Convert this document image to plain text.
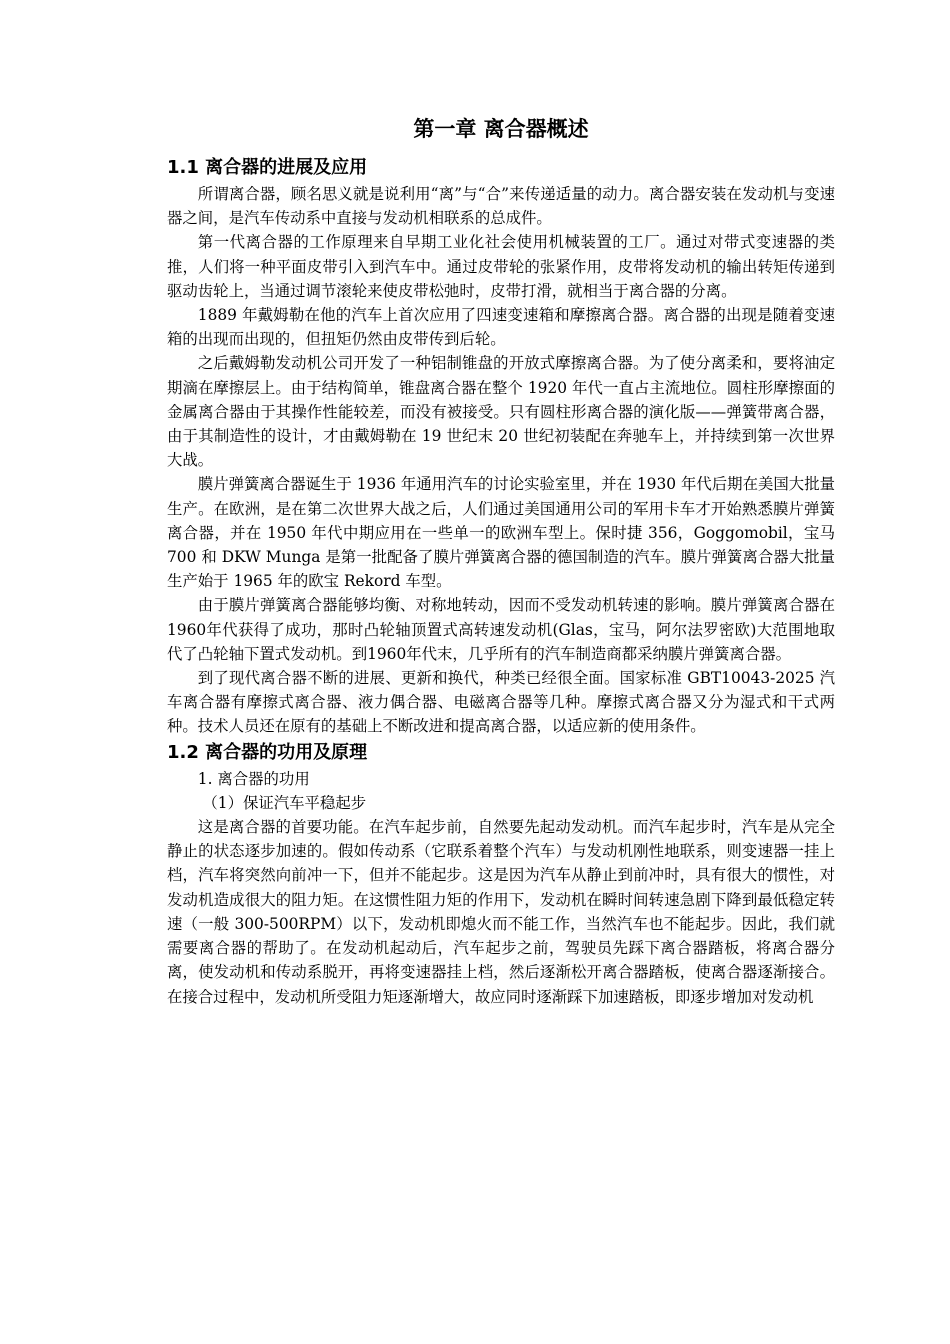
第一章 离合器概述
1.1 离合器的进展及应用

所谓离合器，顾名思义就是说利用“离”与“合”来传递适量的动力。离合器安装在发动机与变速器之间，是汽车传动系中直接与发动机相联系的总成件。

第一代离合器的工作原理来自早期工业化社会使用机械装置的工厂。通过对带式变速器的类推，人们将一种平面皮带引入到汽车中。通过皮带轮的张紧作用，皮带将发动机的输出转矩传递到驱动齿轮上，当通过调节滚轮来使皮带松弛时，皮带打滑，就相当于离合器的分离。

1889 年戴姆勒在他的汽车上首次应用了四速变速箱和摩擦离合器。离合器的出现是随着变速箱的出现而出现的，但扭矩仍然由皮带传到后轮。

之后戴姆勒发动机公司开发了一种铝制锥盘的开放式摩擦离合器。为了使分离柔和，要将油定期滴在摩擦层上。由于结构简单，锥盘离合器在整个 1920 年代一直占主流地位。圆柱形摩擦面的金属离合器由于其操作性能较差，而没有被接受。只有圆柱形离合器的演化版——弹簧带离合器，由于其制造性的设计，才由戴姆勒在 19 世纪末 20 世纪初装配在奔驰车上，并持续到第一次世界大战。

膜片弹簧离合器诞生于 1936 年通用汽车的讨论实验室里，并在 1930 年代后期在美国大批量生产。在欧洲，是在第二次世界大战之后，人们通过美国通用公司的军用卡车才开始熟悉膜片弹簧离合器，并在 1950 年代中期应用在一些单一的欧洲车型上。保时捷 356，Goggomobil，宝马 700 和 DKW Munga 是第一批配备了膜片弹簧离合器的德国制造的汽车。膜片弹簧离合器大批量生产始于 1965 年的欧宝 Rekord 车型。

由于膜片弹簧离合器能够均衡、对称地转动，因而不受发动机转速的影响。膜片弹簧离合器在1960年代获得了成功，那时凸轮轴顶置式高转速发动机(Glas，宝马，阿尔法罗密欧)大范围地取代了凸轮轴下置式发动机。到1960年代末，几乎所有的汽车制造商都采纳膜片弹簧离合器。

到了现代离合器不断的进展、更新和换代，种类已经很全面。国家标准 GBT10043-2025 汽车离合器有摩擦式离合器、液力偶合器、电磁离合器等几种。摩擦式离合器又分为湿式和干式两种。技术人员还在原有的基础上不断改进和提高离合器，以适应新的使用条件。

1.2 离合器的功用及原理

1. 离合器的功用

（1）保证汽车平稳起步

这是离合器的首要功能。在汽车起步前，自然要先起动发动机。而汽车起步时，汽车是从完全静止的状态逐步加速的。假如传动系（它联系着整个汽车）与发动机刚性地联系，则变速器一挂上档，汽车将突然向前冲一下，但并不能起步。这是因为汽车从静止到前冲时，具有很大的惯性，对发动机造成很大的阻力矩。在这惯性阻力矩的作用下，发动机在瞬时间转速急剧下降到最低稳定转速（一般 300-500RPM）以下，发动机即熄火而不能工作，当然汽车也不能起步。因此，我们就需要离合器的帮助了。在发动机起动后，汽车起步之前，驾驶员先踩下离合器踏板，将离合器分离，使发动机和传动系脱开，再将变速器挂上档，然后逐渐松开离合器踏板，使离合器逐渐接合。在接合过程中，发动机所受阻力矩逐渐增大，故应同时逐渐踩下加速踏板，即逐步增加对发动机
